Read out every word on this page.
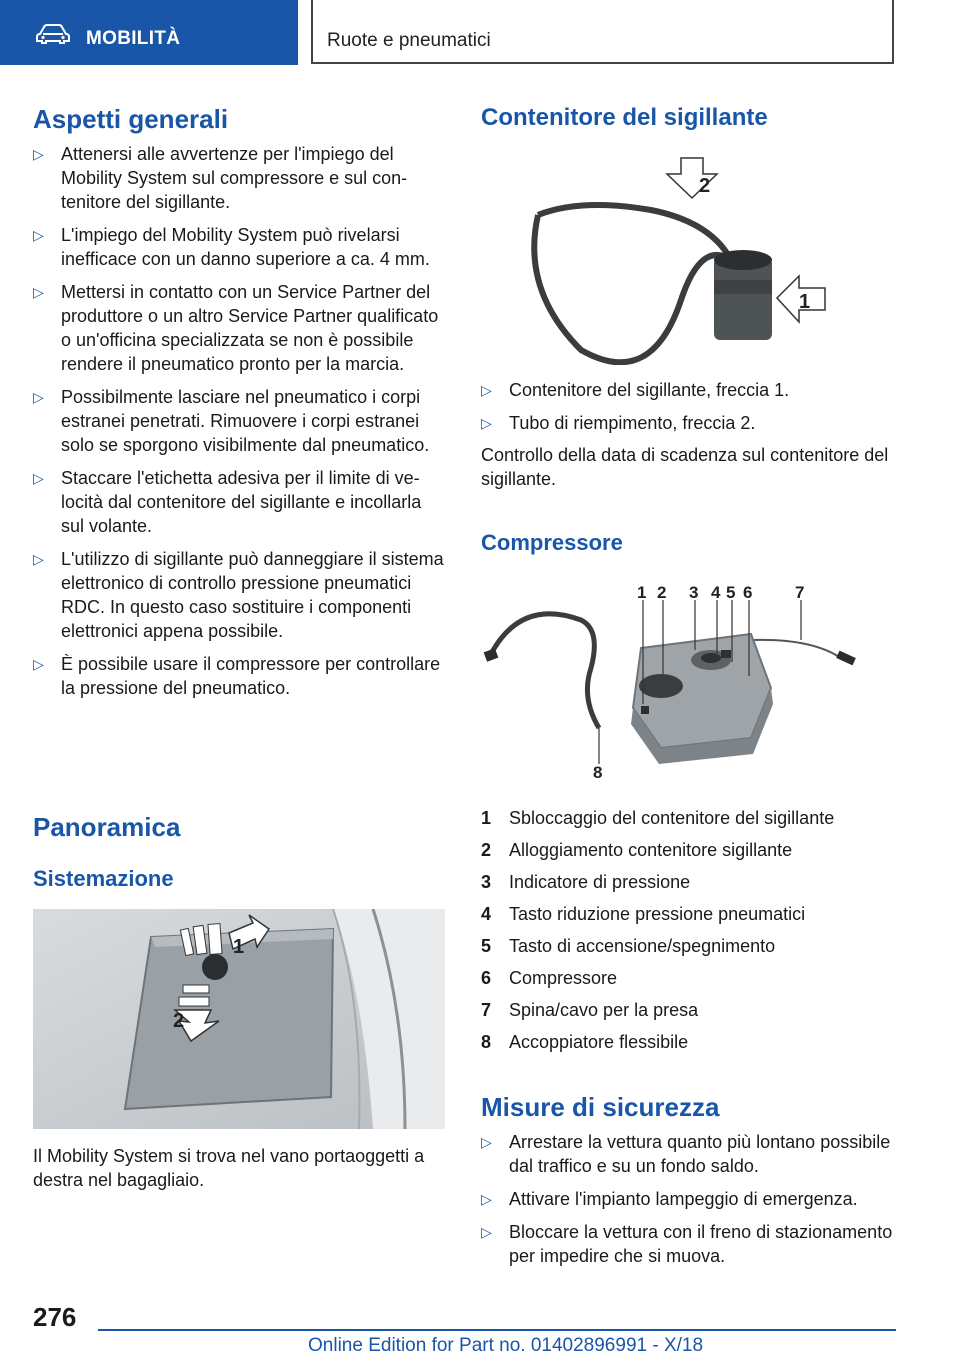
MOBILITÀ	Ruote e pneumatici
Aspetti generali
▷ Attenersi alle avvertenze per l'impiego del Mobility System sul compressore e sul contenitore del sigillante.
▷ L'impiego del Mobility System può rivelarsi inefficace con un danno superiore a ca. 4 mm.
▷ Mettersi in contatto con un Service Partner del produttore o un altro Service Partner qualificato o un'officina specializzata se non è possibile rendere il pneumatico pronto per la marcia.
▷ Possibilmente lasciare nel pneumatico i corpi estranei penetrati. Rimuovere i corpi estranei solo se sporgono visibilmente dal pneumatico.
▷ Staccare l'etichetta adesiva per il limite di velocità dal contenitore del sigillante e incollarla sul volante.
▷ L'utilizzo di sigillante può danneggiare il sistema elettronico di controllo pressione pneumatici RDC. In questo caso sostituire i componenti elettronici appena possibile.
▷ È possibile usare il compressore per controllare la pressione del pneumatico.
Panoramica
Sistemazione
1
2

Il Mobility System si trova nel vano portaoggetti a destra nel bagagliaio.

Contenitore del sigillante
2
1
▷ Contenitore del sigillante, freccia 1.
▷ Tubo di riempimento, freccia 2.

Controllo della data di scadenza sul contenitore del sigillante.

Compressore
1 2 3 4 5 6	7
8
1 Sbloccaggio del contenitore del sigillante
2 Alloggiamento contenitore sigillante
3 Indicatore di pressione
4 Tasto riduzione pressione pneumatici
5 Tasto di accensione/spegnimento
6 Compressore
7 Spina/cavo per la presa
8 Accoppiatore flessibile
Misure di sicurezza
▷ Arrestare la vettura quanto più lontano possibile dal traffico e su un fondo saldo.
▷ Attivare l'impianto lampeggio di emergenza.
▷ Bloccare la vettura con il freno di stazionamento per impedire che si muova.
276
Online Edition for Part no. 01402896991 - X/18
